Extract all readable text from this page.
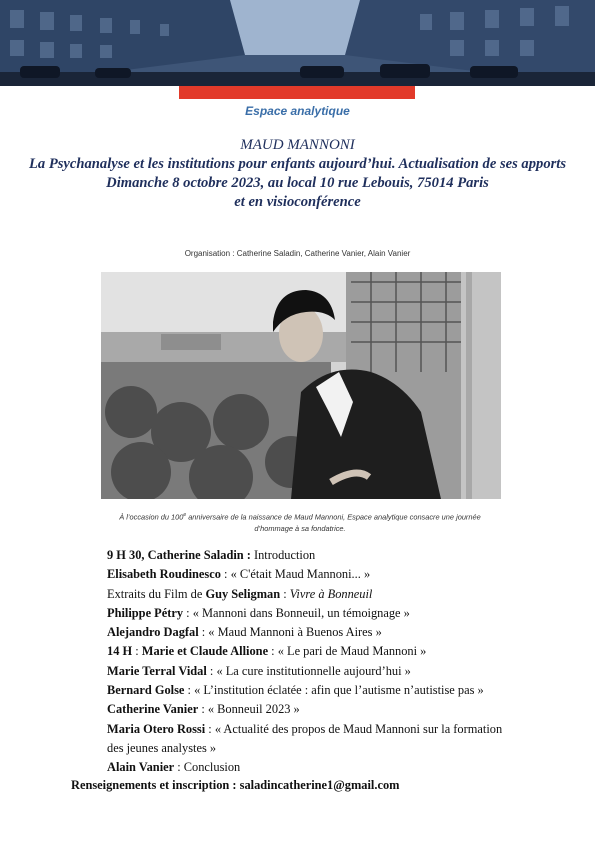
Espace analytique
MAUD MANNONI
La Psychanalyse et les institutions pour enfants aujourd’hui. Actualisation de ses apports
Dimanche 8 octobre 2023, au local 10 rue Lebouis, 75014 Paris
et en visioconférence
Organisation : Catherine Saladin, Catherine Vanier, Alain Vanier
À l’occasion du 100e anniversaire de la naissance de Maud Mannoni, Espace analytique consacre une journée d’hommage à sa fondatrice.
9 H 30, Catherine Saladin : Introduction
Elisabeth Roudinesco : « C'était Maud Mannoni... »
Extraits du Film de Guy Seligman : Vivre à Bonneuil
Philippe Pétry : « Mannoni dans Bonneuil, un témoignage »
Alejandro Dagfal : « Maud Mannoni à Buenos Aires »
14 H : Marie et Claude Allione : « Le pari de Maud Mannoni »
Marie Terral Vidal : « La cure institutionnelle aujourd’hui »
Bernard Golse : « L’institution éclatée : afin que l’autisme n’autistise pas »
Catherine Vanier : « Bonneuil 2023 »
Maria Otero Rossi : « Actualité des propos de Maud Mannoni sur la formation des jeunes analystes »
Alain Vanier : Conclusion
Renseignements et inscription : saladincatherine1@gmail.com
